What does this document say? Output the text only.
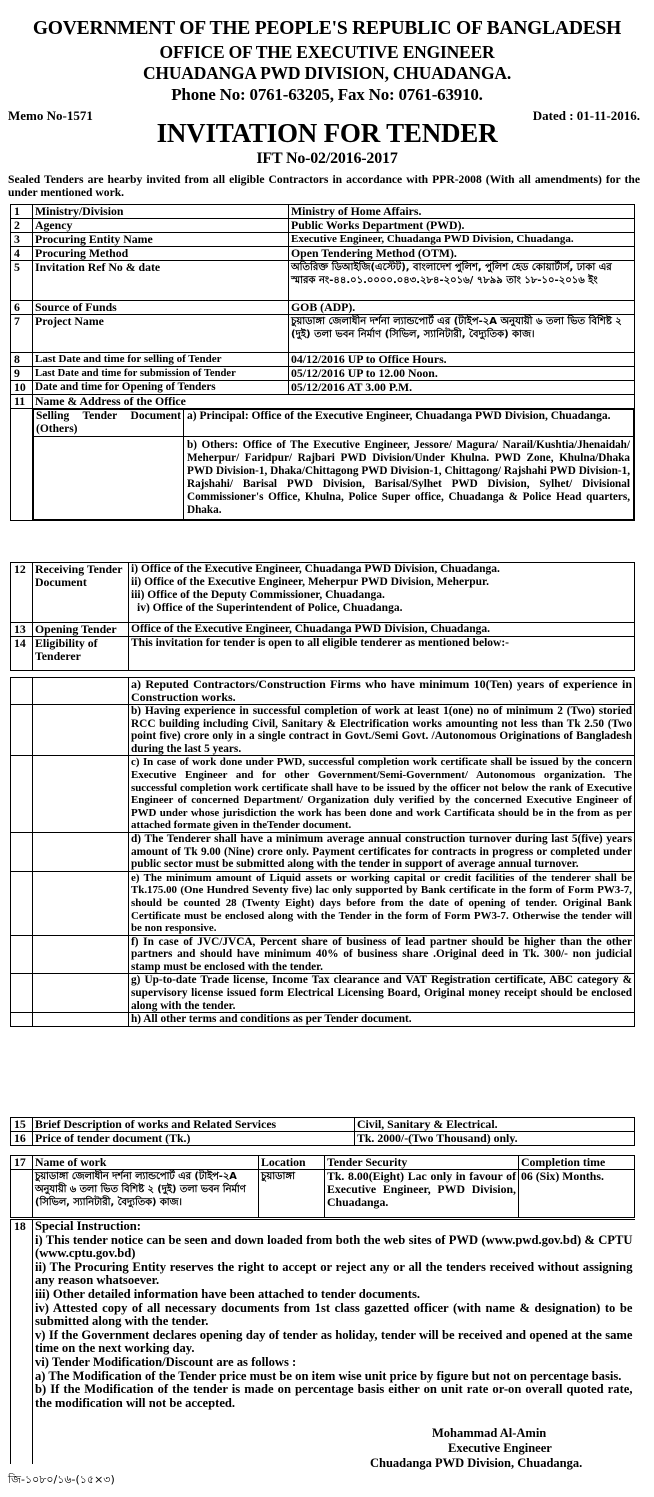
GOVERNMENT OF THE PEOPLE'S REPUBLIC OF BANGLADESH
OFFICE OF THE EXECUTIVE ENGINEER
CHUADANGA PWD DIVISION, CHUADANGA.
Phone No: 0761-63205, Fax No: 0761-63910.
Memo No-1571	Dated : 01-11-2016.
INVITATION FOR TENDER
IFT No-02/2016-2017
Sealed Tenders are hearby invited from all eligible Contractors in accordance with PPR-2008 (With all amendments) for the under mentioned work.
1	Ministry/Division	Ministry of Home Affairs.
2	Agency	Public Works Department (PWD).
3	Procuring Entity Name	Executive Engineer, Chuadanga PWD Division, Chuadanga.
4	Procuring Method	Open Tendering Method (OTM).
5	Invitation Ref No & date	অতিরিক্ত ডিআইজি(এস্টেট), বাংলাদেশ পুলিশ, পুলিশ হেড কোয়ার্টার্স, ঢাকা এর স্মারক নং-৪৪.০১.০০০০.০৪৩.২৮৪-২০১৬/ ৭৮৯৯ তাং ১৮-১০-২০১৬ ইং
6	Source of Funds	GOB (ADP).
7	Project Name	চুয়াডাঙ্গা জেলাধীন দর্শনা ল্যান্ডপোর্ট এর (টাইপ-২A অনুযায়ী ৬ তলা ভিত বিশিষ্ট ২ (দুই) তলা ভবন নির্মাণ (সিভিল, স্যানিটারী, বৈদ্যুতিক) কাজ।
8	Last Date and time for selling of Tender	04/12/2016 UP to Office Hours.
9	Last Date and time for submission of Tender	05/12/2016 UP to 12.00 Noon.
10	Date and time for Opening of Tenders	05/12/2016 AT 3.00 P.M.
11	Name & Address of the Office

Selling Tender Document (Others)	a) Principal: Office of the Executive Engineer, Chuadanga PWD Division, Chuadanga.
	b) Others: Office of The Executive Engineer, Jessore/ Magura/ Narail/Kushtia/Jhenaidah/ Meherpur/ Faridpur/ Rajbari PWD Division/Under Khulna. PWD Zone, Khulna/Dhaka PWD Division-1, Dhaka/Chittagong PWD Division-1, Chittagong/ Rajshahi PWD Division-1, Rajshahi/ Barisal PWD Division, Barisal/Sylhet PWD Division, Sylhet/ Divisional Commissioner's Office, Khulna, Police Super office, Chuadanga & Police Head quarters, Dhaka.
12	Receiving Tender Document	i) Office of the Executive Engineer, Chuadanga PWD Division, Chuadanga.
ii) Office of the Executive Engineer, Meherpur PWD Division, Meherpur.
iii) Office of the Deputy Commissioner, Chuadanga.
iv) Office of the Superintendent of Police, Chuadanga.

13	Opening Tender	Office of the Executive Engineer, Chuadanga PWD Division, Chuadanga.
14	Eligibility of Tenderer	This invitation for tender is open to all eligible tenderer as mentioned below:-
		a) Reputed Contractors/Construction Firms who have minimum 10(Ten) years of experience in Construction works.
		b) Having experience in successful completion of work at least 1(one) no of minimum 2 (Two) storied RCC building including Civil, Sanitary & Electrification works amounting not less than Tk 2.50 (Two point five) crore only in a single contract in Govt./Semi Govt. /Autonomous Originations of Bangladesh during the last 5 years.
		c) In case of work done under PWD, successful completion work certificate shall be issued by the concern Executive Engineer and for other Government/Semi-Government/ Autonomous organization. The successful completion work certificate shall have to be issued by the officer not below the rank of Executive Engineer of concerned Department/ Organization duly verified by the concerned Executive Engineer of PWD under whose jurisdiction the work has been done and work Cartificata should be in the from as per attached formate given in theTender document.
		d) The Tenderer shall have a minimum average annual construction turnover during last 5(five) years amount of Tk 9.00 (Nine) crore only. Payment certificates for contracts in progress or completed under public sector must be submitted along with the tender in support of average annual turnover.
		e) The minimum amount of Liquid assets or working capital or credit facilities of the tenderer shall be Tk.175.00 (One Hundred Seventy five) lac only supported by Bank certificate in the form of Form PW3-7, should be counted 28 (Twenty Eight) days before from the date of opening of tender. Original Bank Certificate must be enclosed along with the Tender in the form of Form PW3-7. Otherwise the tender will be non responsive.
		f) In case of JVC/JVCA, Percent share of business of lead partner should be higher than the other partners and should have minimum 40% of business share .Original deed in Tk. 300/- non judicial stamp must be enclosed with the tender.
		g) Up-to-date Trade license, Income Tax clearance and VAT Registration certificate, ABC category & supervisory license issued form Electrical Licensing Board, Original money receipt should be enclosed along with the tender.
		h) All other terms and conditions as per Tender document.
15	Brief Description of works and Related Services	Civil, Sanitary & Electrical.
16	Price of tender document (Tk.)	Tk. 2000/-(Two Thousand) only.
17	Name of work	Location	Tender Security	Completion time
	চুয়াডাঙ্গা জেলাধীন দর্শনা ল্যান্ডপোর্ট এর (টাইপ-২A অনুযায়ী ৬ তলা ভিত বিশিষ্ট ২ (দুই) তলা ভবন নির্মাণ (সিভিল, স্যানিটারী, বৈদ্যুতিক) কাজ।	চুয়াডাঙ্গা	Tk. 8.00(Eight) Lac only in favour of Executive Engineer, PWD Division, Chuadanga.	06 (Six) Months.
18	Special Instruction:
i) This tender notice can be seen and down loaded from both the web sites of PWD (www.pwd.gov.bd) & CPTU (www.cptu.gov.bd)
ii) The Procuring Entity reserves the right to accept or reject any or all the tenders received without assigning any reason whatsoever.
iii) Other detailed information have been attached to tender documents.
iv) Attested copy of all necessary documents from 1st class gazetted officer (with name & designation) to be submitted along with the tender.
v) If the Government declares opening day of tender as holiday, tender will be received and opened at the same time on the next working day.
vi) Tender Modification/Discount are as follows :
a) The Modification of the Tender price must be on item wise unit price by figure but not on percentage basis.
b) If the Modification of the tender is made on percentage basis either on unit rate or-on overall quoted rate, the modification will not be accepted.
Mohammad Al-Amin
Executive Engineer
Chuadanga PWD Division, Chuadanga.
জি-১০৮০/১৬-(১৫×৩)
